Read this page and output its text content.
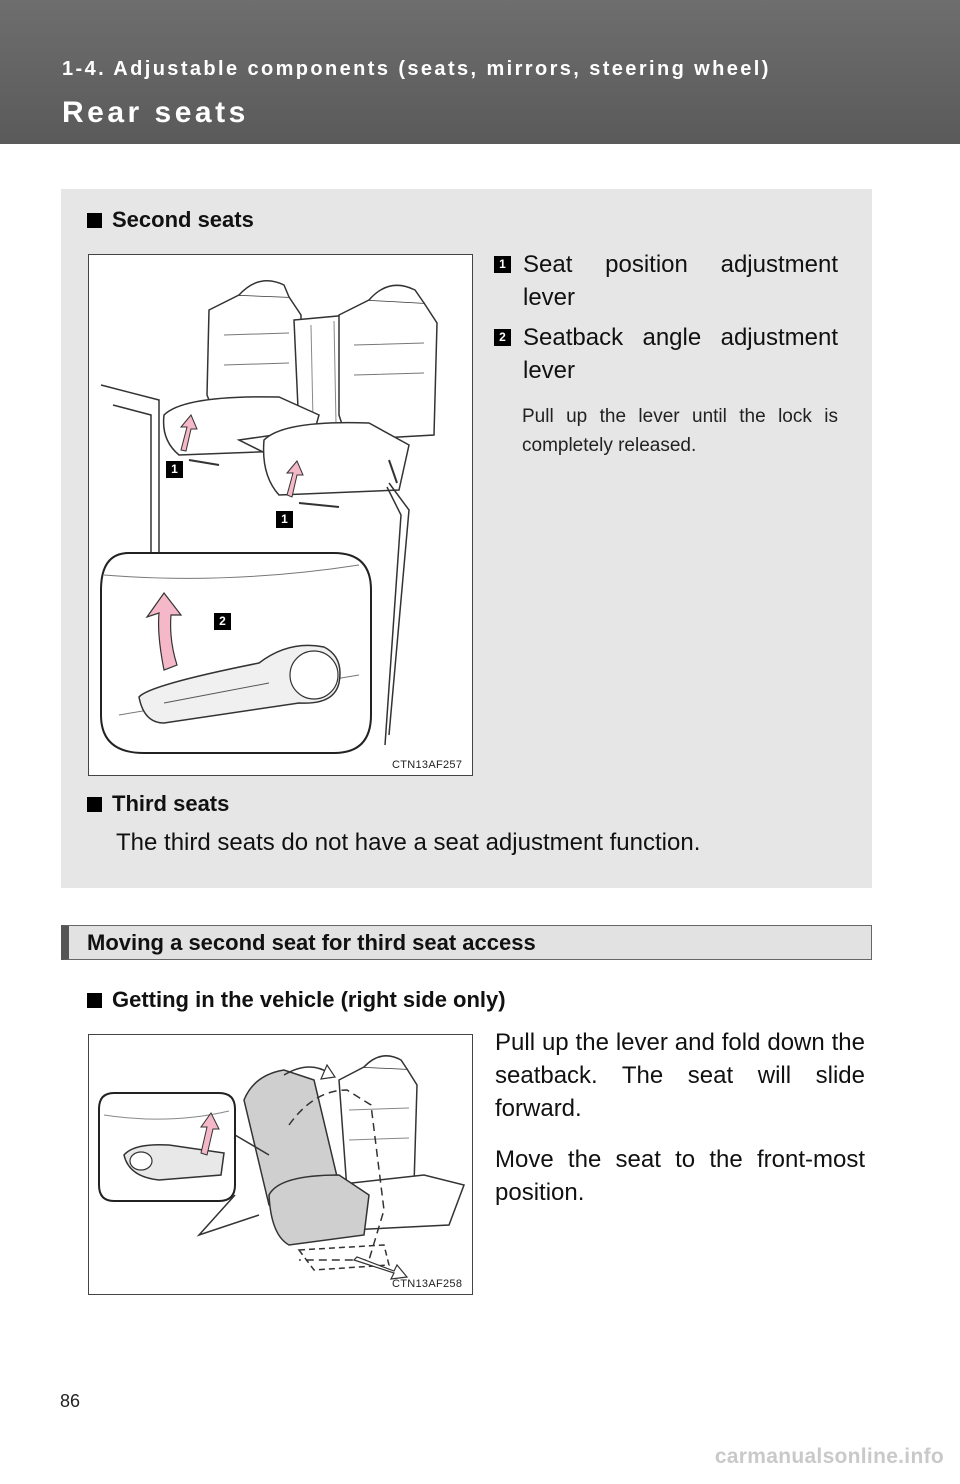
1-4. Adjustable components (seats, mirrors, steering wheel)
Rear seats
Second seats
1
1
2
CTN13AF257
1 Seat position adjustment lever
2 Seatback angle adjustment lever
Pull up the lever until the lock is completely released.
Third seats
The third seats do not have a seat adjustment function.
Moving a second seat for third seat access
Getting in the vehicle (right side only)
CTN13AF258
Pull up the lever and fold down the seatback. The seat will slide forward.
Move the seat to the front-most position.
86
carmanualsonline.info
